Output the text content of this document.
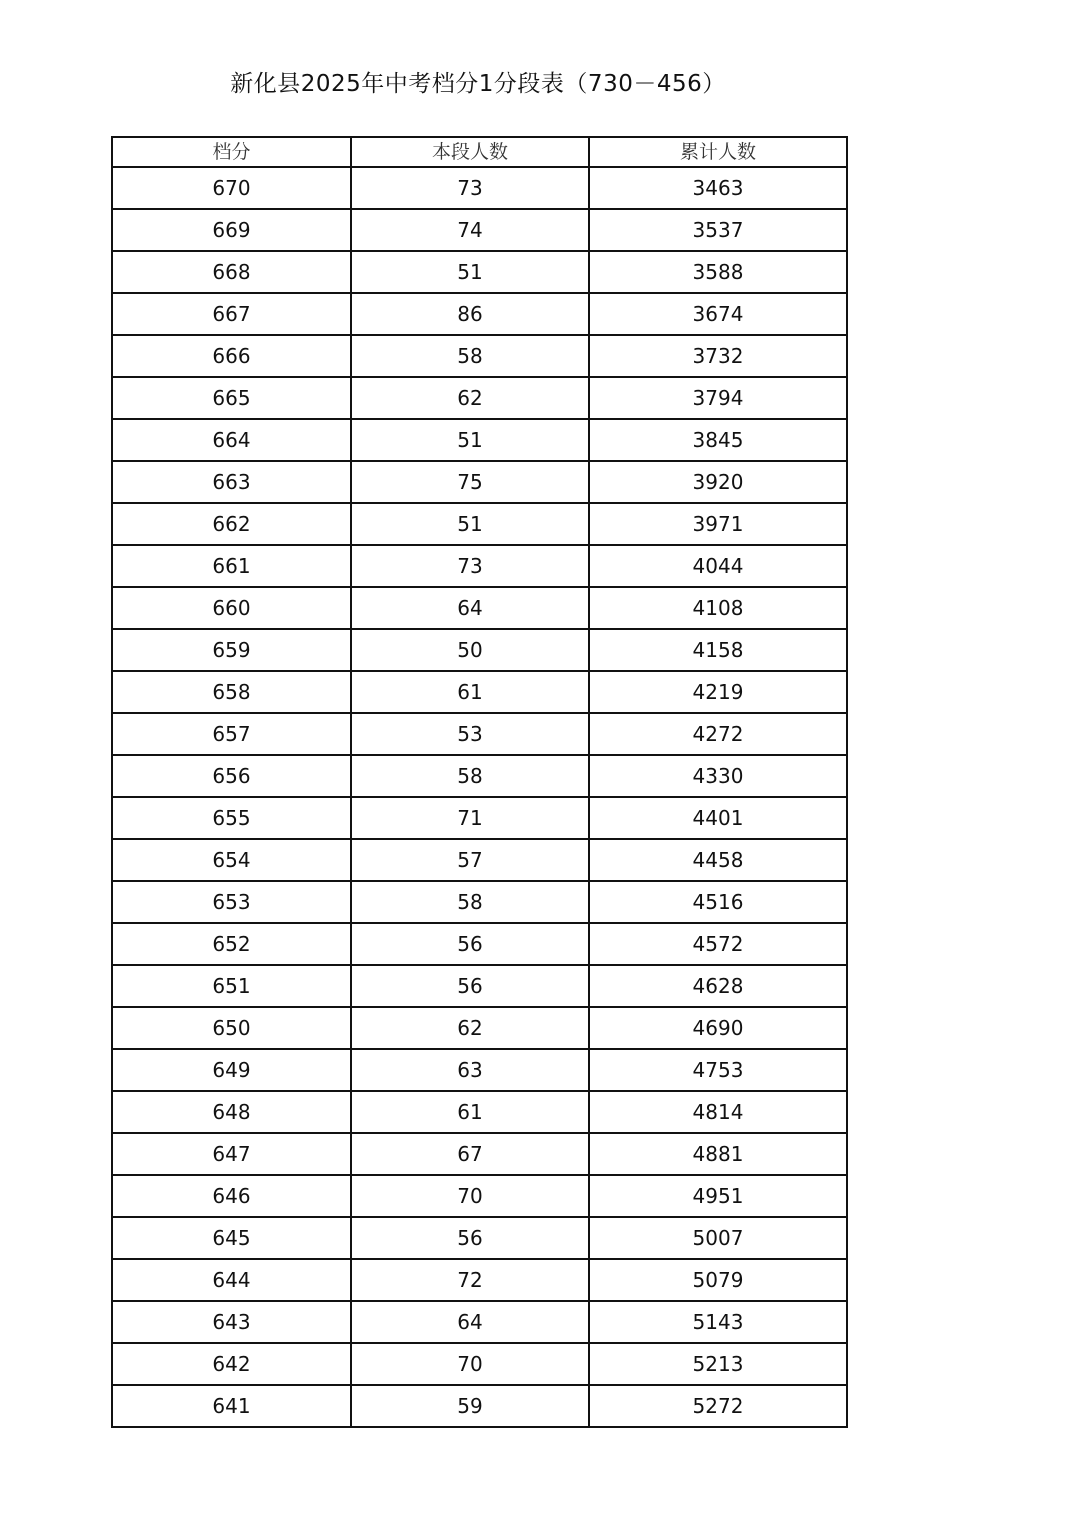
新化县2025年中考档分1分段表（730－456）
档分	本段人数	累计人数
670	73	3463
669	74	3537
668	51	3588
667	86	3674
666	58	3732
665	62	3794
664	51	3845
663	75	3920
662	51	3971
661	73	4044
660	64	4108
659	50	4158
658	61	4219
657	53	4272
656	58	4330
655	71	4401
654	57	4458
653	58	4516
652	56	4572
651	56	4628
650	62	4690
649	63	4753
648	61	4814
647	67	4881
646	70	4951
645	56	5007
644	72	5079
643	64	5143
642	70	5213
641	59	5272
